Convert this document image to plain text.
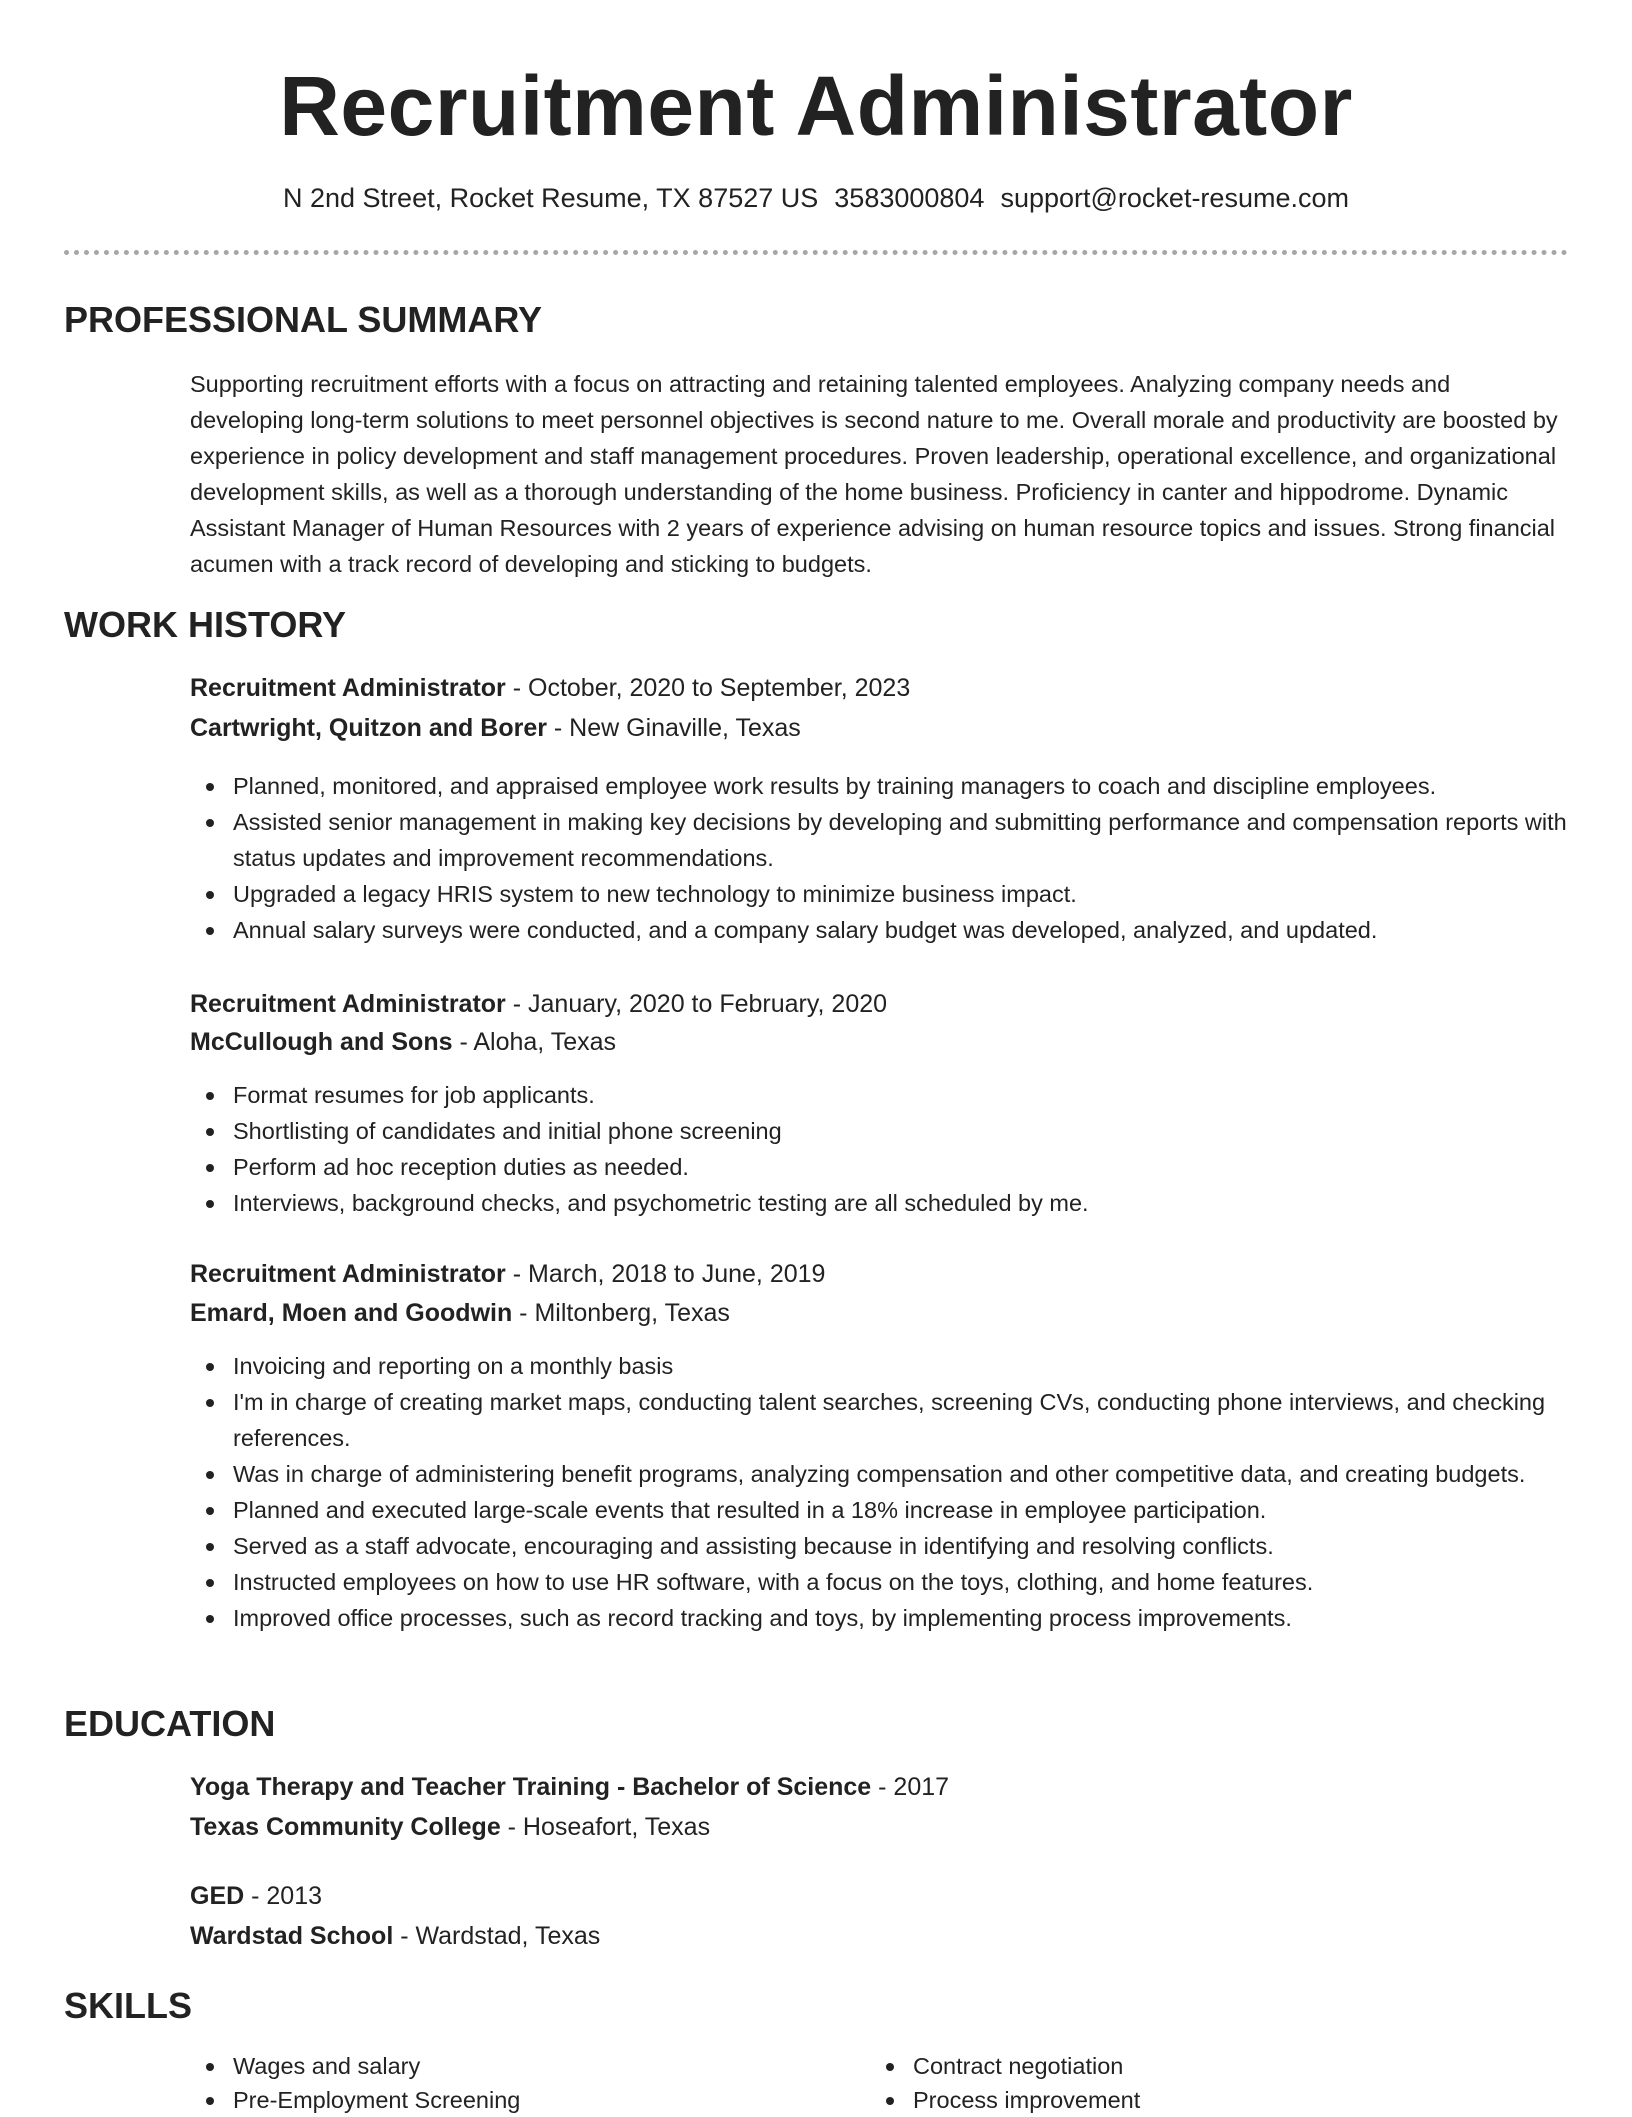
Recruitment Administrator
N 2nd Street, Rocket Resume, TX 87527 US 3583000804 support@rocket-resume.com
PROFESSIONAL SUMMARY

Supporting recruitment efforts with a focus on attracting and retaining talented employees. Analyzing company needs and developing long-term solutions to meet personnel objectives is second nature to me. Overall morale and productivity are boosted by experience in policy development and staff management procedures. Proven leadership, operational excellence, and organizational development skills, as well as a thorough understanding of the home business. Proficiency in canter and hippodrome. Dynamic Assistant Manager of Human Resources with 2 years of experience advising on human resource topics and issues. Strong financial acumen with a track record of developing and sticking to budgets.

WORK HISTORY
Recruitment Administrator - October, 2020 to September, 2023
Cartwright, Quitzon and Borer - New Ginaville, Texas
Planned, monitored, and appraised employee work results by training managers to coach and discipline employees.
Assisted senior management in making key decisions by developing and submitting performance and compensation reports with status updates and improvement recommendations.
Upgraded a legacy HRIS system to new technology to minimize business impact.
Annual salary surveys were conducted, and a company salary budget was developed, analyzed, and updated.
Recruitment Administrator - January, 2020 to February, 2020
McCullough and Sons - Aloha, Texas
Format resumes for job applicants.
Shortlisting of candidates and initial phone screening
Perform ad hoc reception duties as needed.
Interviews, background checks, and psychometric testing are all scheduled by me.
Recruitment Administrator - March, 2018 to June, 2019
Emard, Moen and Goodwin - Miltonberg, Texas
Invoicing and reporting on a monthly basis
I'm in charge of creating market maps, conducting talent searches, screening CVs, conducting phone interviews, and checking references.
Was in charge of administering benefit programs, analyzing compensation and other competitive data, and creating budgets.
Planned and executed large-scale events that resulted in a 18% increase in employee participation.
Served as a staff advocate, encouraging and assisting because in identifying and resolving conflicts.
Instructed employees on how to use HR software, with a focus on the toys, clothing, and home features.
Improved office processes, such as record tracking and toys, by implementing process improvements.
EDUCATION
Yoga Therapy and Teacher Training - Bachelor of Science - 2017
Texas Community College - Hoseafort, Texas
GED - 2013
Wardstad School - Wardstad, Texas
SKILLS
Wages and salary	Contract negotiation
Pre-Employment Screening	Process improvement
